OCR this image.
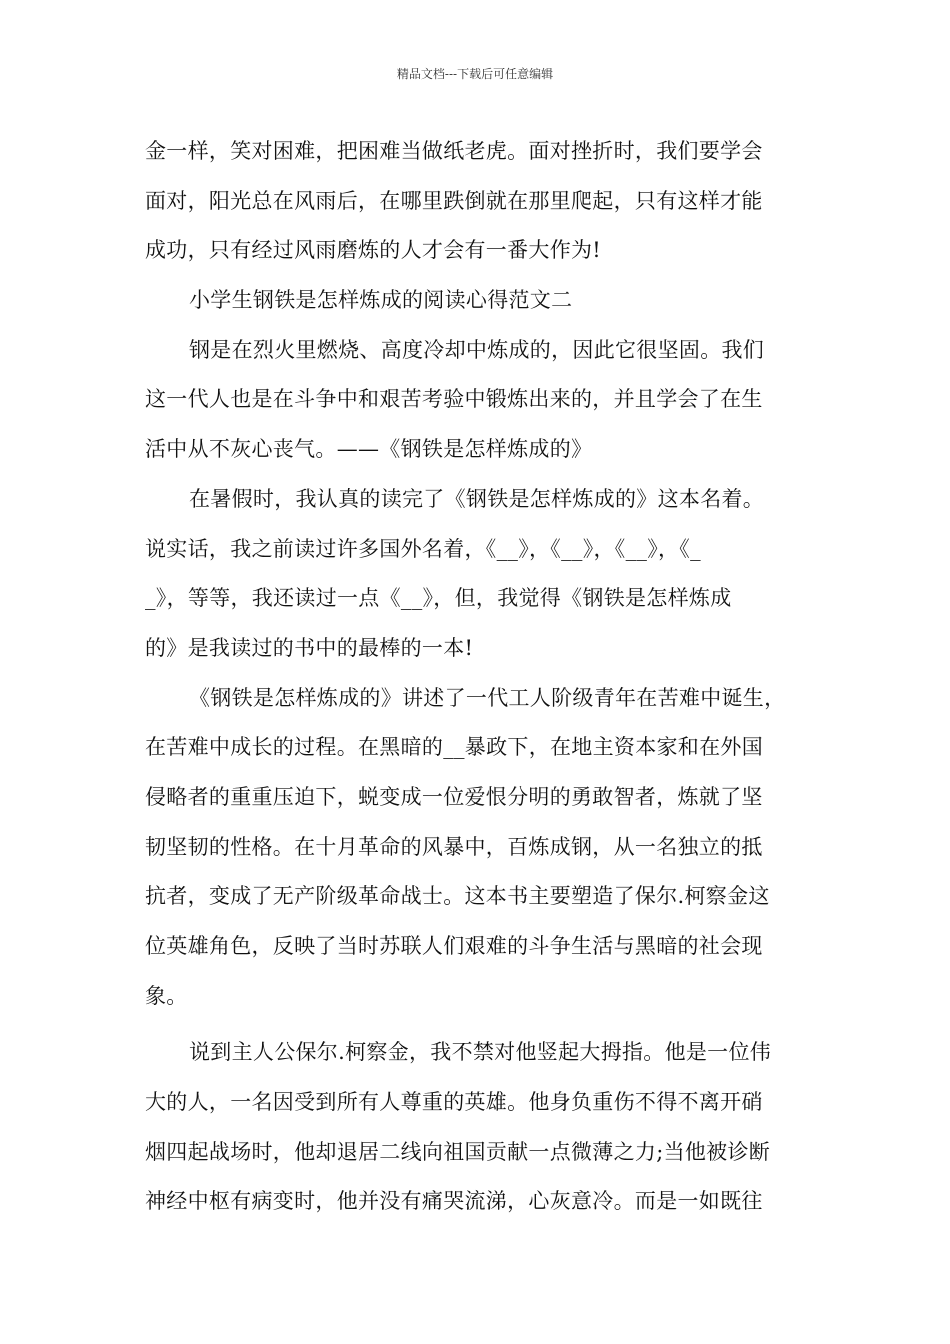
精品文档---下载后可任意编辑
金一样，笑对困难，把困难当做纸老虎。面对挫折时，我们要学会
面对，阳光总在风雨后，在哪里跌倒就在那里爬起，只有这样才能
成功，只有经过风雨磨炼的人才会有一番大作为!
小学生钢铁是怎样炼成的阅读心得范文二
钢是在烈火里燃烧、高度冷却中炼成的，因此它很坚固。我们
这一代人也是在斗争中和艰苦考验中锻炼出来的，并且学会了在生
活中从不灰心丧气。——《钢铁是怎样炼成的》
在暑假时，我认真的读完了《钢铁是怎样炼成的》这本名着。
说实话，我之前读过许多国外名着，《__》，《__》，《__》，《_
_》，等等，我还读过一点《__》，但，我觉得《钢铁是怎样炼成
的》是我读过的书中的最棒的一本!
《钢铁是怎样炼成的》讲述了一代工人阶级青年在苦难中诞生，
在苦难中成长的过程。在黑暗的__暴政下，在地主资本家和在外国
侵略者的重重压迫下，蜕变成一位爱恨分明的勇敢智者，炼就了坚
韧坚韧的性格。在十月革命的风暴中，百炼成钢，从一名独立的抵
抗者，变成了无产阶级革命战士。这本书主要塑造了保尔.柯察金这
位英雄角色，反映了当时苏联人们艰难的斗争生活与黑暗的社会现
象。
说到主人公保尔.柯察金，我不禁对他竖起大拇指。他是一位伟
大的人，一名因受到所有人尊重的英雄。他身负重伤不得不离开硝
烟四起战场时，他却退居二线向祖国贡献一点微薄之力;当他被诊断
神经中枢有病变时，他并没有痛哭流涕，心灰意冷。而是一如既往
